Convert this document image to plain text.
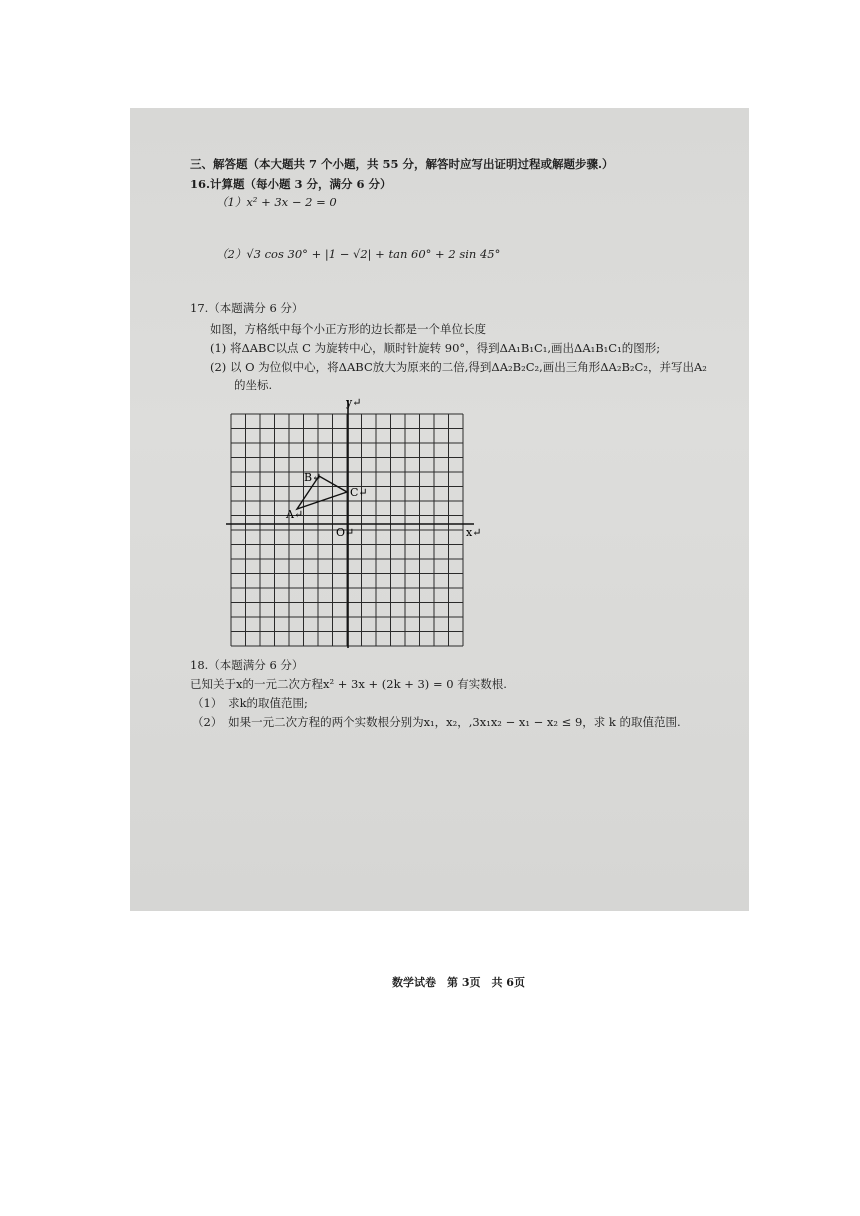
三、解答题（本大题共 7 个小题，共 55 分，解答时应写出证明过程或解题步骤.）
16.计算题（每小题 3 分，满分 6 分）
（1）x² + 3x − 2 = 0
（2）√3 cos 30° + |1 − √2| + tan 60° + 2 sin 45°
17.（本题满分 6 分）
如图，方格纸中每个小正方形的边长都是一个单位长度
(1) 将ΔABC以点 C 为旋转中心，顺时针旋转 90°，得到ΔA₁B₁C₁,画出ΔA₁B₁C₁的图形;
(2) 以 O 为位似中心，将ΔABC放大为原来的二倍,得到ΔA₂B₂C₂,画出三角形ΔA₂B₂C₂，并写出A₂
的坐标.
18.（本题满分 6 分）
已知关于x的一元二次方程x² + 3x + (2k + 3) = 0 有实数根.
（1）　求k的取值范围;
（2）　如果一元二次方程的两个实数根分别为x₁，x₂，,3x₁x₂ − x₁ − x₂ ≤ 9，求 k 的取值范围.
数学试卷　第 3页　共 6页
y↵
x↵
O↵
A↵
B↵
C↵
